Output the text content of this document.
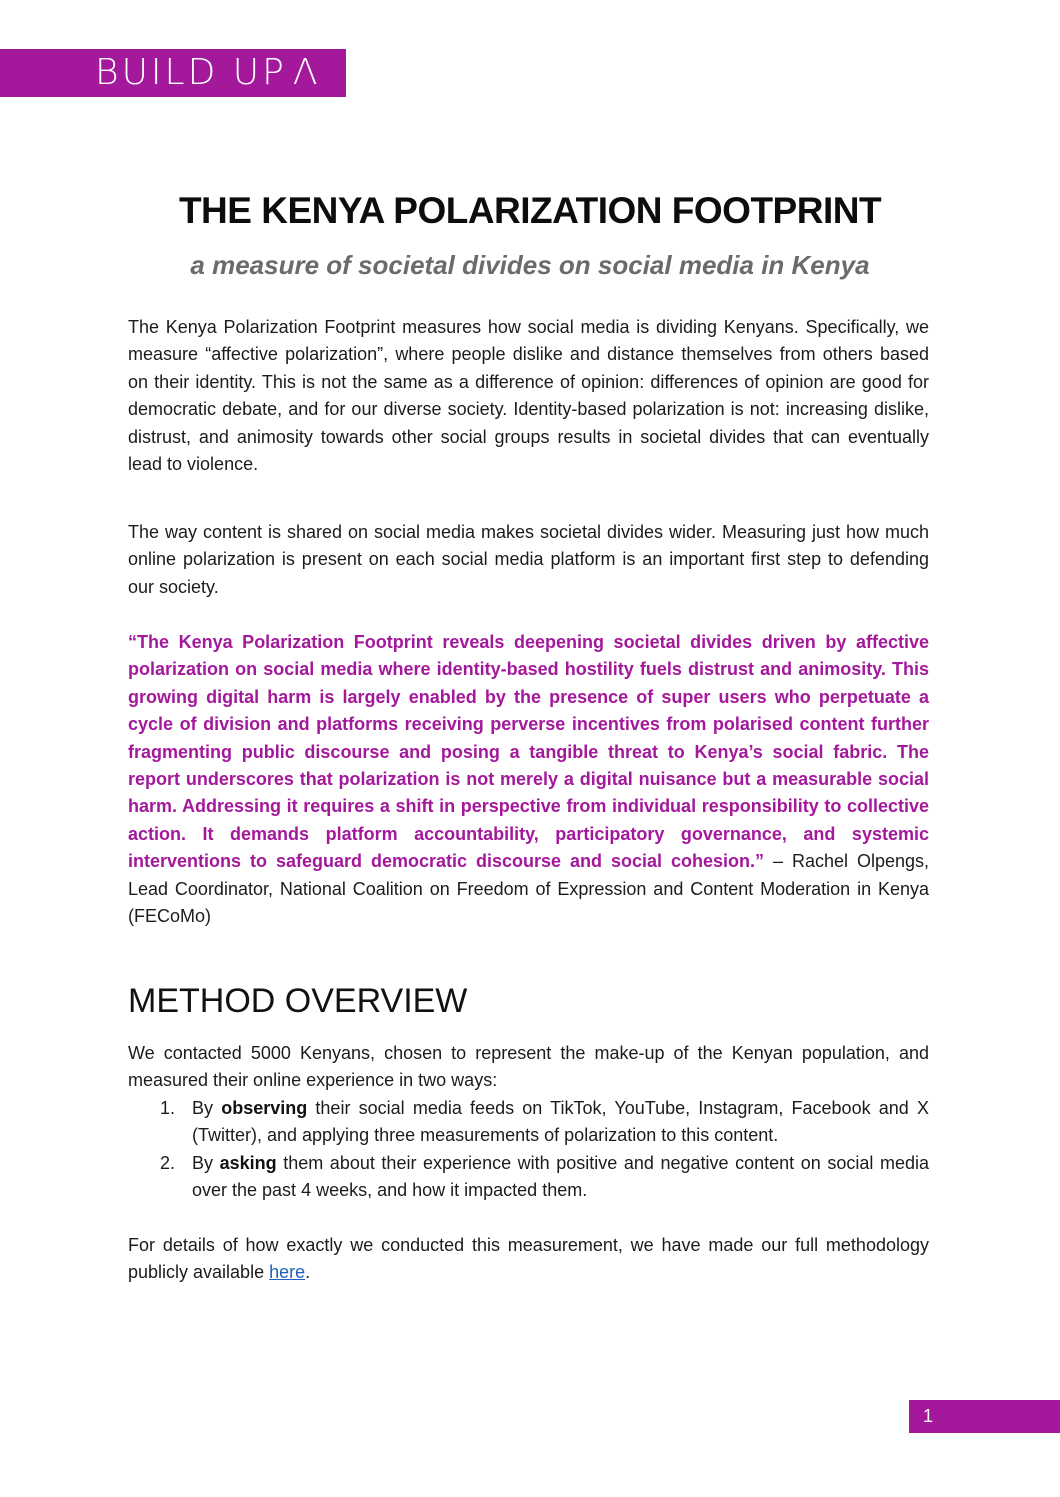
BUILD UP Λ
THE KENYA POLARIZATION FOOTPRINT
a measure of societal divides on social media in Kenya

The Kenya Polarization Footprint measures how social media is dividing Kenyans. Specifically, we measure “affective polarization”, where people dislike and distance themselves from others based on their identity. This is not the same as a difference of opinion: differences of opinion are good for democratic debate, and for our diverse society. Identity-based polarization is not: increasing dislike, distrust, and animosity towards other social groups results in societal divides that can eventually lead to violence.

The way content is shared on social media makes societal divides wider. Measuring just how much online polarization is present on each social media platform is an important first step to defending our society.

“The Kenya Polarization Footprint reveals deepening societal divides driven by affective polarization on social media where identity-based hostility fuels distrust and animosity. This growing digital harm is largely enabled by the presence of super users who perpetuate a cycle of division and platforms receiving perverse incentives from polarised content further fragmenting public discourse and posing a tangible threat to Kenya’s social fabric. The report underscores that polarization is not merely a digital nuisance but a measurable social harm. Addressing it requires a shift in perspective from individual responsibility to collective action. It demands platform accountability, participatory governance, and systemic interventions to safeguard democratic discourse and social cohesion.” – Rachel Olpengs, Lead Coordinator, National Coalition on Freedom of Expression and Content Moderation in Kenya (FECoMo)

METHOD OVERVIEW

We contacted 5000 Kenyans, chosen to represent the make-up of the Kenyan population, and measured their online experience in two ways:

1. By observing their social media feeds on TikTok, YouTube, Instagram, Facebook and X (Twitter), and applying three measurements of polarization to this content.
2. By asking them about their experience with positive and negative content on social media over the past 4 weeks, and how it impacted them.

For details of how exactly we conducted this measurement, we have made our full methodology publicly available here.

1
